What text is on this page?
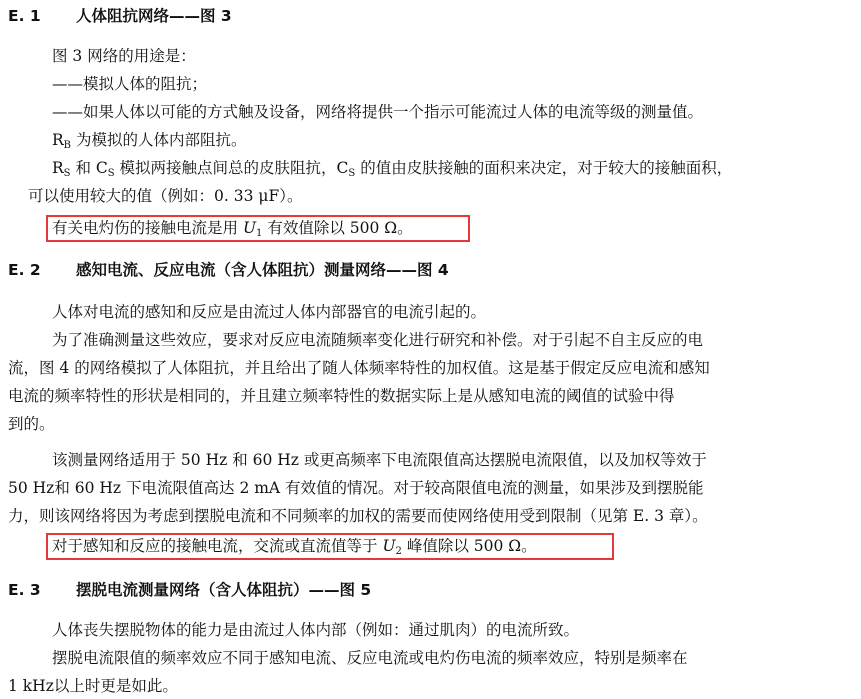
E. 1 人体阻抗网络——图 3
图 3 网络的用途是：
——模拟人体的阻抗；
——如果人体以可能的方式触及设备，网络将提供一个指示可能流过人体的电流等级的测量值。
$R_B$ 为模拟的人体内部阻抗。
$R_S$ 和 $C_S$ 模拟两接触点间总的皮肤阻抗，$C_S$ 的值由皮肤接触的面积来决定，对于较大的接触面积，
可以使用较大的值（例如：0. 33 μF）。
有关电灼伤的接触电流是用 $U_1$ 有效值除以 500 Ω。
E. 2 感知电流、反应电流（含人体阻抗）测量网络——图 4
人体对电流的感知和反应是由流过人体内部器官的电流引起的。
为了准确测量这些效应，要求对反应电流随频率变化进行研究和补偿。对于引起不自主反应的电
流，图 4 的网络模拟了人体阻抗，并且给出了随人体频率特性的加权值。这是基于假定反应电流和感知
电流的频率特性的形状是相同的，并且建立频率特性的数据实际上是从感知电流的阈值的试验中得
到的。
该测量网络适用于 50 Hz 和 60 Hz 或更高频率下电流限值高达摆脱电流限值，以及加权等效于
50 Hz和 60 Hz 下电流限值高达 2 mA 有效值的情况。对于较高限值电流的测量，如果涉及到摆脱能
力，则该网络将因为考虑到摆脱电流和不同频率的加权的需要而使网络使用受到限制（见第 E. 3 章）。
对于感知和反应的接触电流，交流或直流值等于 $U_2$ 峰值除以 500 Ω。
E. 3 摆脱电流测量网络（含人体阻抗）——图 5
人体丧失摆脱物体的能力是由流过人体内部（例如：通过肌肉）的电流所致。
摆脱电流限值的频率效应不同于感知电流、反应电流或电灼伤电流的频率效应，特别是频率在
1 kHz以上时更是如此。
